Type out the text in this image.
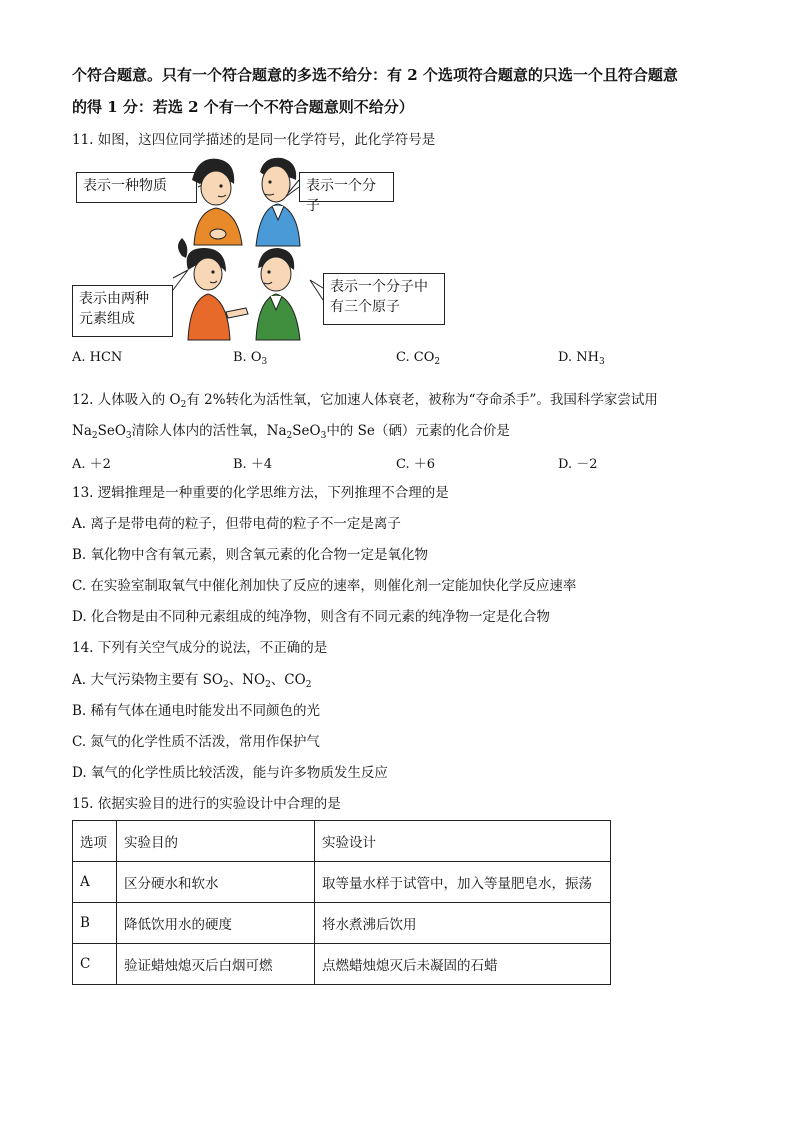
个符合题意。只有一个符合题意的多选不给分：有 2 个选项符合题意的只选一个且符合题意
的得 1 分：若选 2 个有一个不符合题意则不给分）
11. 如图，这四位同学描述的是同一化学符号，此化学符号是
表示一种物质	表示一个分子
表示由两种
元素组成
表示一个分子中
有三个原子
A. HCN	B. $O_3$	C. $CO_2$	D. $NH_3$
12. 人体吸入的 $O_2$有 2%转化为活性氧，它加速人体衰老，被称为“夺命杀手”。我国科学家尝试用
$Na_2SeO_3$清除人体内的活性氧，$Na_2SeO_3$中的 Se（硒）元素的化合价是
A. ＋2	B. ＋4	C. ＋6	D. －2
13. 逻辑推理是一种重要的化学思维方法，下列推理不合理的是
A. 离子是带电荷的粒子，但带电荷的粒子不一定是离子
B. 氧化物中含有氧元素，则含氧元素的化合物一定是氧化物
C. 在实验室制取氧气中催化剂加快了反应的速率，则催化剂一定能加快化学反应速率
D. 化合物是由不同种元素组成的纯净物，则含有不同元素的纯净物一定是化合物
14. 下列有关空气成分的说法，不正确的是
A. 大气污染物主要有 $SO_2$、$NO_2$、$CO_2$
B. 稀有气体在通电时能发出不同颜色的光
C. 氮气的化学性质不活泼，常用作保护气
D. 氧气的化学性质比较活泼，能与许多物质发生反应
15. 依据实验目的进行的实验设计中合理的是
选项	实验目的	实验设计
A	区分硬水和软水	取等量水样于试管中，加入等量肥皂水，振荡
B	降低饮用水的硬度	将水煮沸后饮用
C	验证蜡烛熄灭后白烟可燃	点燃蜡烛熄灭后未凝固的石蜡
